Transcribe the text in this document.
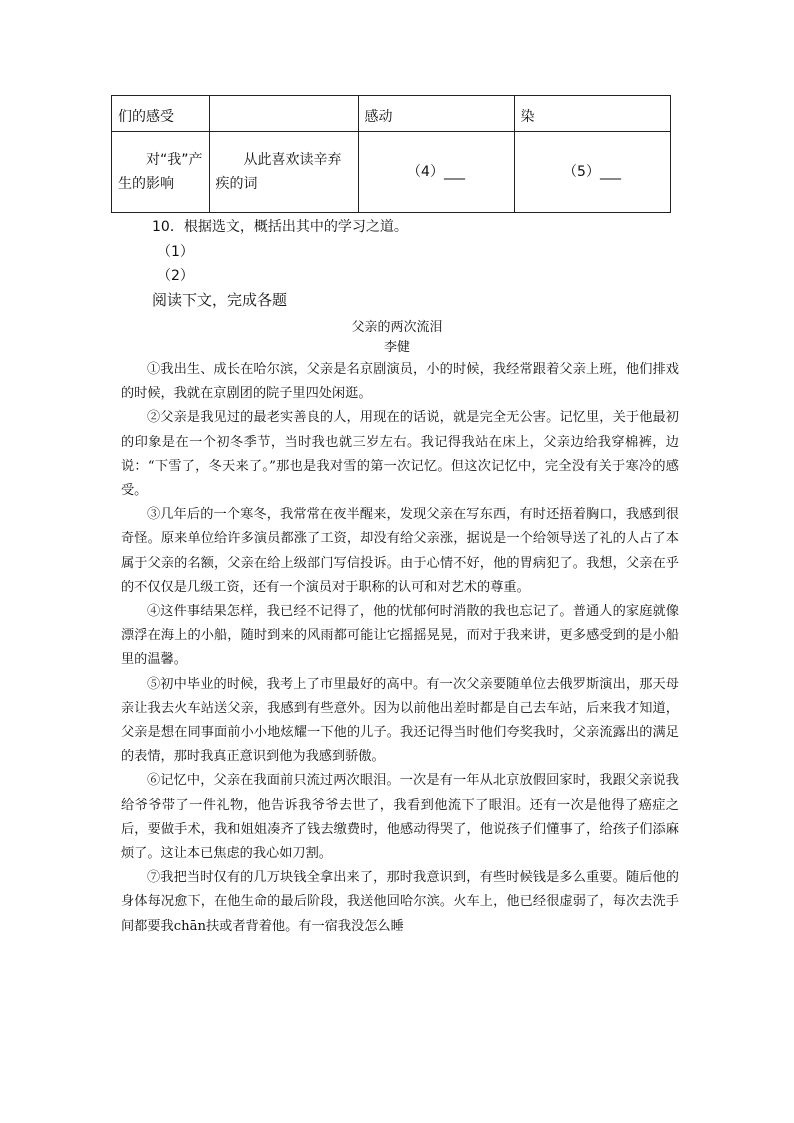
们的感受		感动	染
对“我”产生的影响	从此喜欢读辛弃疾的词	（4）___	（5）___
10．根据选文，概括出其中的学习之道。
（1）
（2）
阅读下文，完成各题
父亲的两次流泪
李健

①我出生、成长在哈尔滨，父亲是名京剧演员，小的时候，我经常跟着父亲上班，他们排戏的时候，我就在京剧团的院子里四处闲逛。

②父亲是我见过的最老实善良的人，用现在的话说，就是完全无公害。记忆里，关于他最初的印象是在一个初冬季节，当时我也就三岁左右。我记得我站在床上，父亲边给我穿棉裤，边说：“下雪了，冬天来了。”那也是我对雪的第一次记忆。但这次记忆中，完全没有关于寒冷的感受。

③几年后的一个寒冬，我常常在夜半醒来，发现父亲在写东西，有时还捂着胸口，我感到很奇怪。原来单位给许多演员都涨了工资，却没有给父亲涨，据说是一个给领导送了礼的人占了本属于父亲的名额，父亲在给上级部门写信投诉。由于心情不好，他的胃病犯了。我想，父亲在乎的不仅仅是几级工资，还有一个演员对于职称的认可和对艺术的尊重。

④这件事结果怎样，我已经不记得了，他的忧郁何时消散的我也忘记了。普通人的家庭就像漂浮在海上的小船，随时到来的风雨都可能让它摇摇晃晃，而对于我来讲，更多感受到的是小船里的温馨。

⑤初中毕业的时候，我考上了市里最好的高中。有一次父亲要随单位去俄罗斯演出，那天母亲让我去火车站送父亲，我感到有些意外。因为以前他出差时都是自己去车站，后来我才知道，父亲是想在同事面前小小地炫耀一下他的儿子。我还记得当时他们夸奖我时，父亲流露出的满足的表情，那时我真正意识到他为我感到骄傲。

⑥记忆中，父亲在我面前只流过两次眼泪。一次是有一年从北京放假回家时，我跟父亲说我给爷爷带了一件礼物，他告诉我爷爷去世了，我看到他流下了眼泪。还有一次是他得了癌症之后，要做手术，我和姐姐凑齐了钱去缴费时，他感动得哭了，他说孩子们懂事了，给孩子们添麻烦了。这让本已焦虑的我心如刀割。

⑦我把当时仅有的几万块钱全拿出来了，那时我意识到，有些时候钱是多么重要。随后他的身体每况愈下，在他生命的最后阶段，我送他回哈尔滨。火车上，他已经很虚弱了，每次去洗手间都要我chān扶或者背着他。有一宿我没怎么睡
